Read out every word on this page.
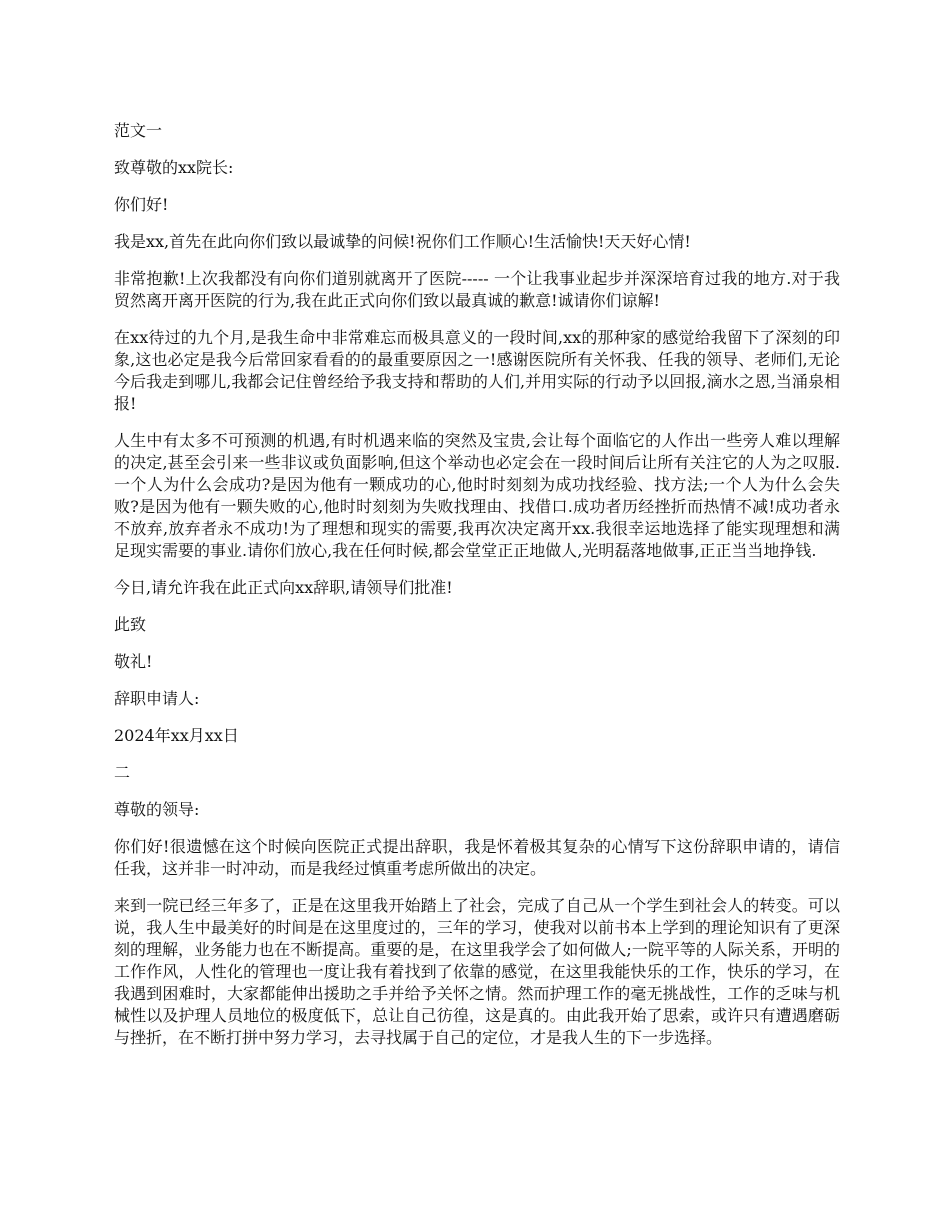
范文一

致尊敬的xx院长:

你们好!

我是xx,首先在此向你们致以最诚挚的问候!祝你们工作顺心!生活愉快!天天好心情!

非常抱歉!上次我都没有向你们道别就离开了医院----- 一个让我事业起步并深深培育过我的地方.对于我贸然离开离开医院的行为,我在此正式向你们致以最真诚的歉意!诚请你们谅解!

在xx待过的九个月,是我生命中非常难忘而极具意义的一段时间,xx的那种家的感觉给我留下了深刻的印象,这也必定是我今后常回家看看的的最重要原因之一!感谢医院所有关怀我、任我的领导、老师们,无论今后我走到哪儿,我都会记住曾经给予我支持和帮助的人们,并用实际的行动予以回报,滴水之恩,当涌泉相报!

人生中有太多不可预测的机遇,有时机遇来临的突然及宝贵,会让每个面临它的人作出一些旁人难以理解的决定,甚至会引来一些非议或负面影响,但这个举动也必定会在一段时间后让所有关注它的人为之叹服.一个人为什么会成功?是因为他有一颗成功的心,他时时刻刻为成功找经验、找方法;一个人为什么会失败?是因为他有一颗失败的心,他时时刻刻为失败找理由、找借口.成功者历经挫折而热情不减!成功者永不放弃,放弃者永不成功!为了理想和现实的需要,我再次决定离开xx.我很幸运地选择了能实现理想和满足现实需要的事业.请你们放心,我在任何时候,都会堂堂正正地做人,光明磊落地做事,正正当当地挣钱.

今日,请允许我在此正式向xx辞职,请领导们批准!

此致

敬礼!

辞职申请人:

2024年xx月xx日

二

尊敬的领导:

你们好!很遗憾在这个时候向医院正式提出辞职，我是怀着极其复杂的心情写下这份辞职申请的，请信任我，这并非一时冲动，而是我经过慎重考虑所做出的决定。

来到一院已经三年多了，正是在这里我开始踏上了社会，完成了自己从一个学生到社会人的转变。可以说，我人生中最美好的时间是在这里度过的，三年的学习，使我对以前书本上学到的理论知识有了更深刻的理解，业务能力也在不断提高。重要的是，在这里我学会了如何做人;一院平等的人际关系，开明的工作作风，人性化的管理也一度让我有着找到了依靠的感觉，在这里我能快乐的工作，快乐的学习，在我遇到困难时，大家都能伸出援助之手并给予关怀之情。然而护理工作的毫无挑战性，工作的乏味与机械性以及护理人员地位的极度低下，总让自己彷徨，这是真的。由此我开始了思索，或许只有遭遇磨砺与挫折，在不断打拼中努力学习，去寻找属于自己的定位，才是我人生的下一步选择。
